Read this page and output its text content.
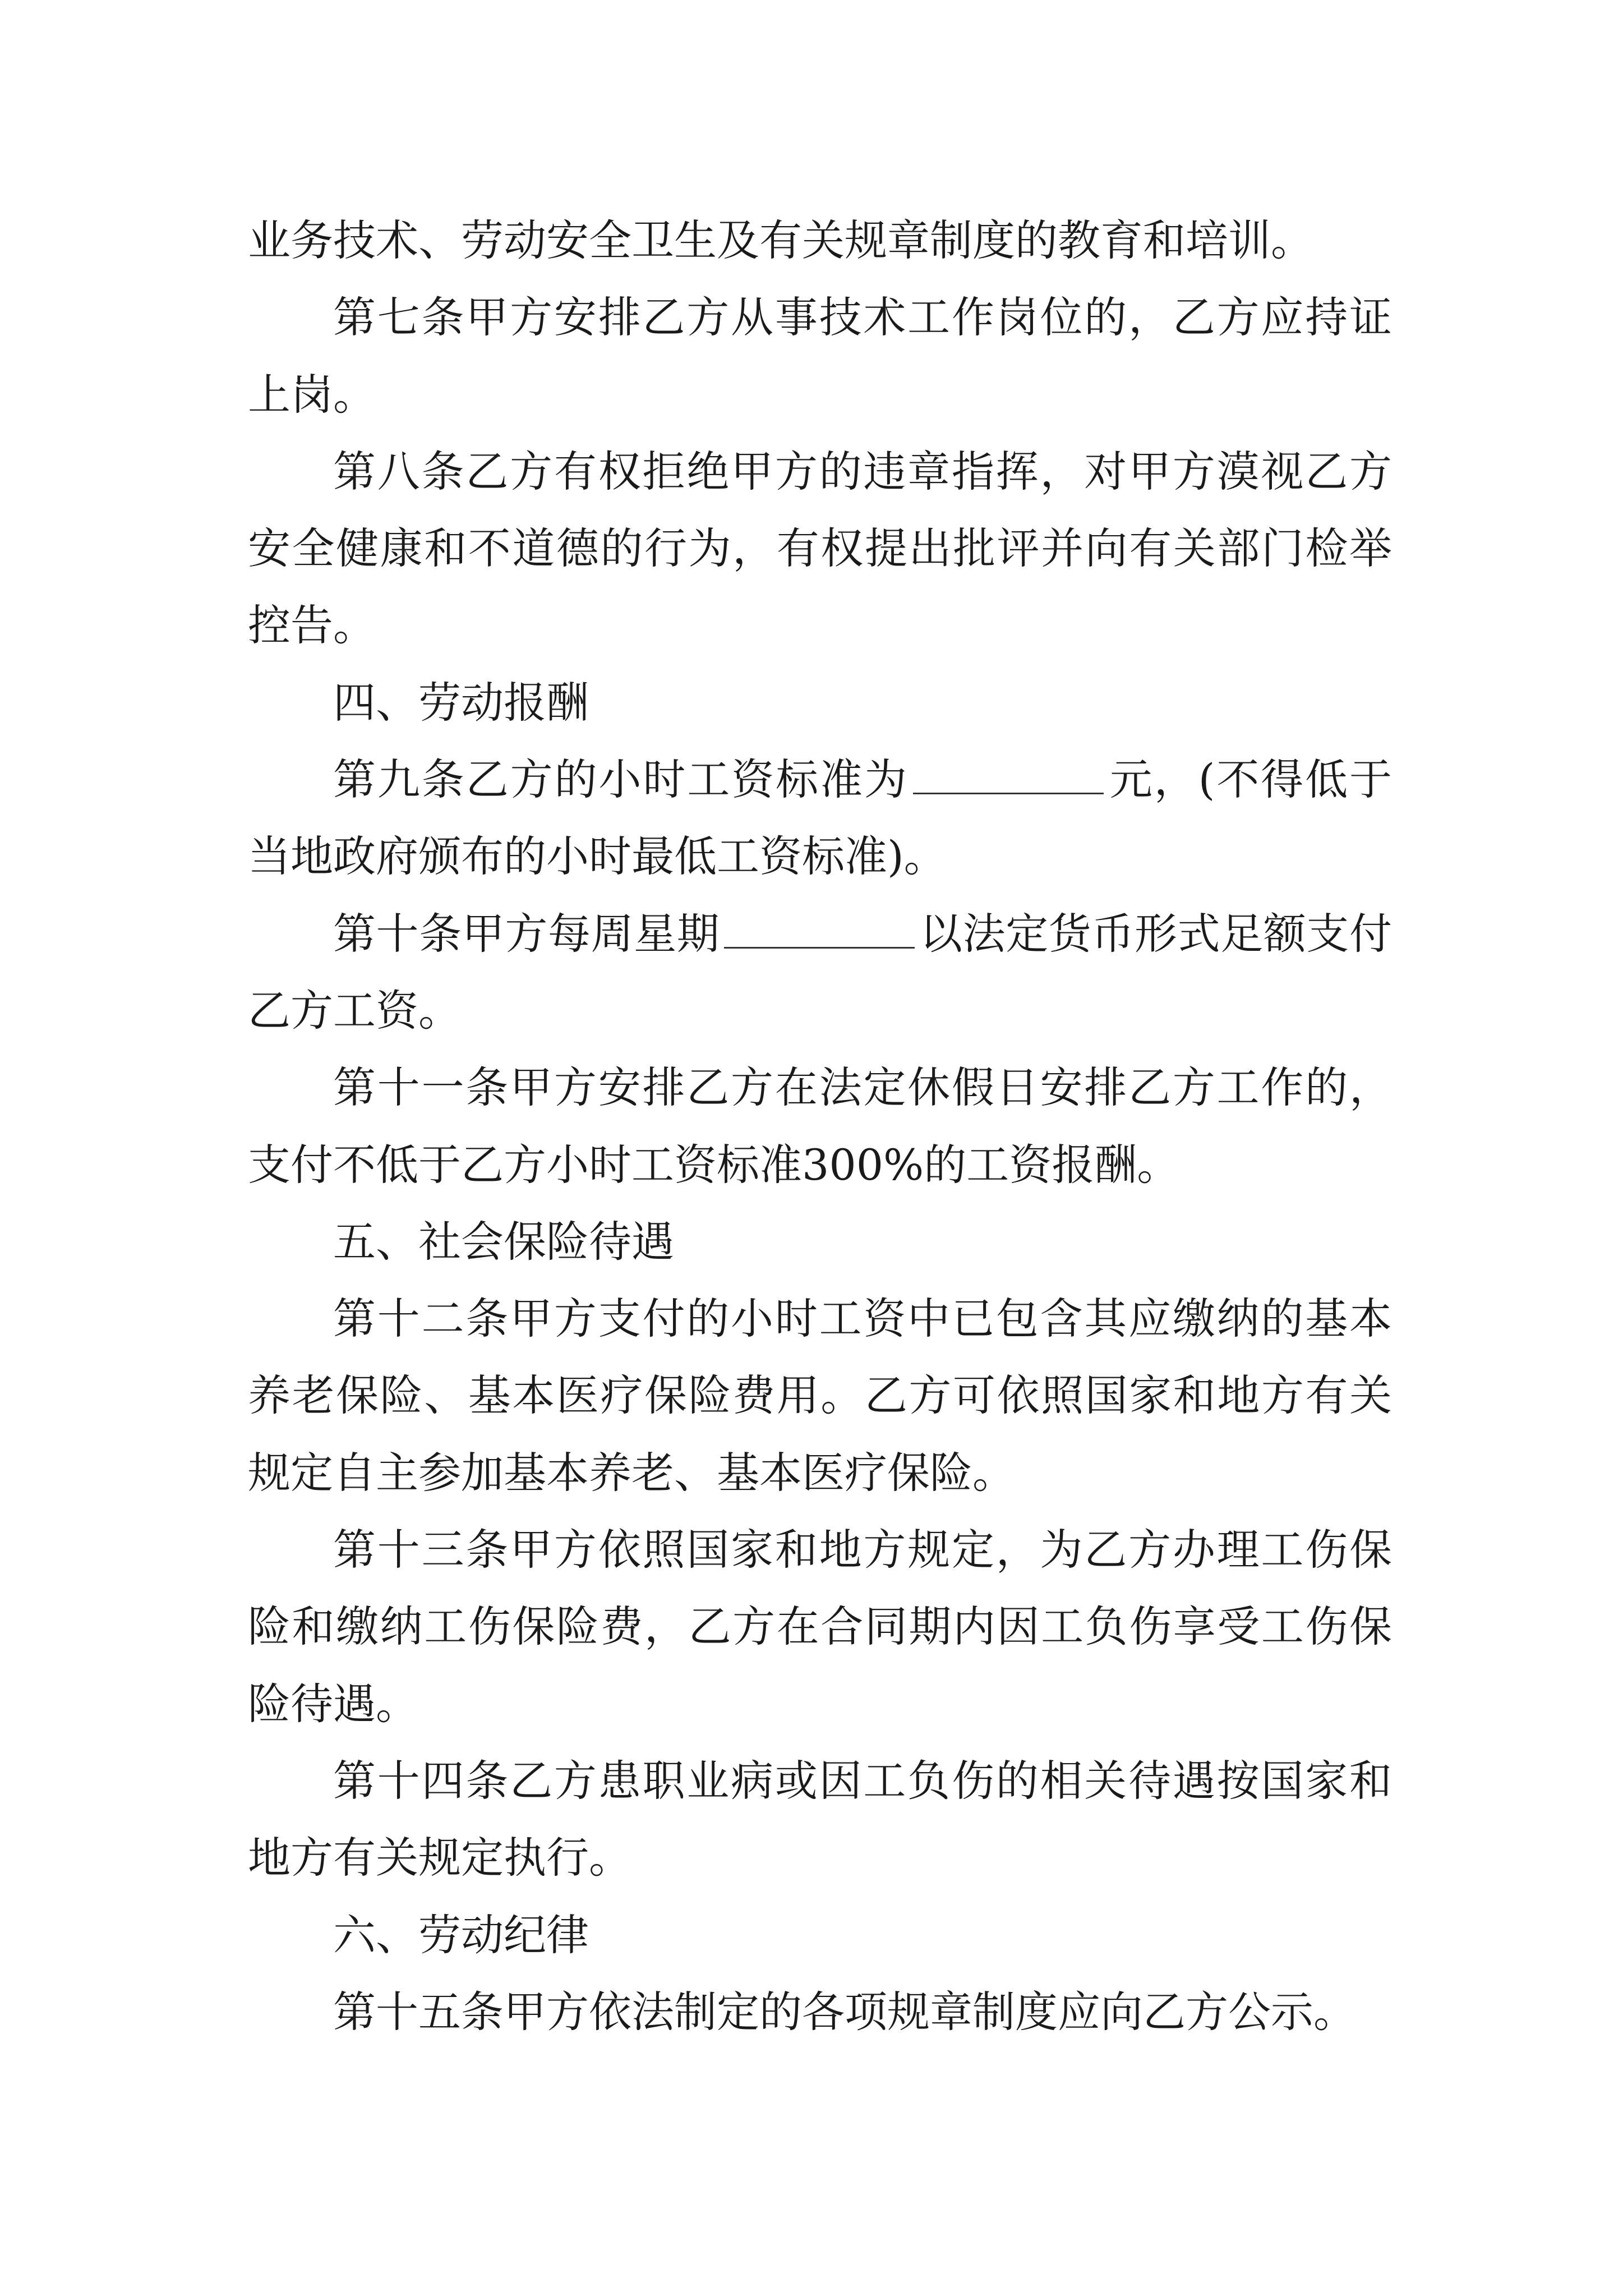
业务技术、劳动安全卫生及有关规章制度的教育和培训。

第七条甲方安排乙方从事技术工作岗位的，乙方应持证上岗。

第八条乙方有权拒绝甲方的违章指挥，对甲方漠视乙方安全健康和不道德的行为，有权提出批评并向有关部门检举控告。

四、劳动报酬

第九条乙方的小时工资标准为	元，(不得低于当地政府颁布的小时最低工资标准)。

第十条甲方每周星期	以法定货币形式足额支付乙方工资。

第十一条甲方安排乙方在法定休假日安排乙方工作的，支付不低于乙方小时工资标准300%的工资报酬。

五、社会保险待遇

第十二条甲方支付的小时工资中已包含其应缴纳的基本养老保险、基本医疗保险费用。乙方可依照国家和地方有关规定自主参加基本养老、基本医疗保险。

第十三条甲方依照国家和地方规定，为乙方办理工伤保险和缴纳工伤保险费，乙方在合同期内因工负伤享受工伤保险待遇。

第十四条乙方患职业病或因工负伤的相关待遇按国家和地方有关规定执行。

六、劳动纪律

第十五条甲方依法制定的各项规章制度应向乙方公示。
